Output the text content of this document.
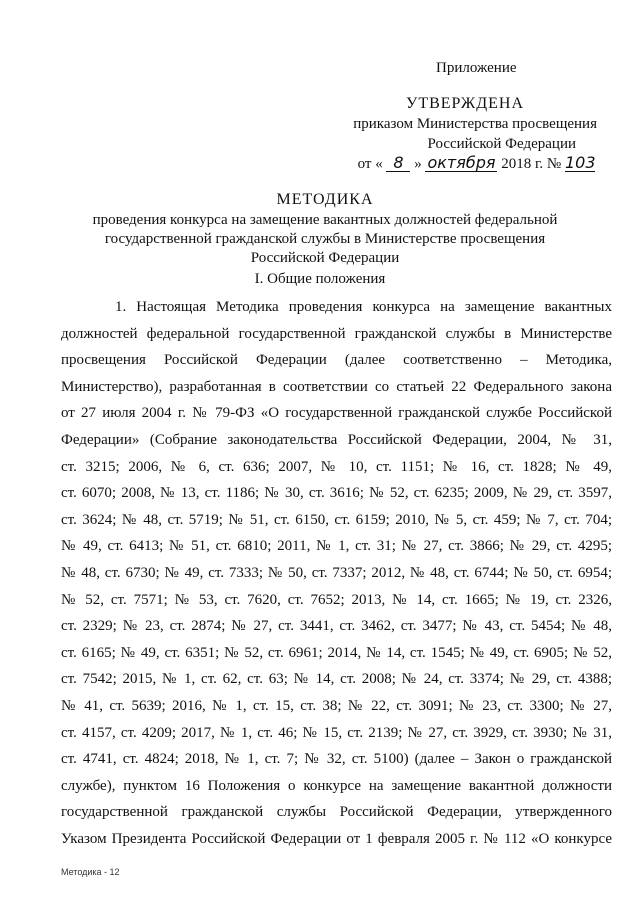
Приложение
УТВЕРЖДЕНА
приказом Министерства просвещения
Российской Федерации
от « 8 » октября 2018 г. № 103
МЕТОДИКА
проведения конкурса на замещение вакантных должностей федеральной
государственной гражданской службы в Министерстве просвещения
Российской Федерации
I. Общие положения
1. Настоящая Методика проведения конкурса на замещение вакантных
должностей федеральной государственной гражданской службы в Министерстве
просвещения Российской Федерации (далее соответственно – Методика,
Министерство), разработанная в соответствии со статьей 22 Федерального закона
от 27 июля 2004 г. № 79-ФЗ «О государственной гражданской службе Российской
Федерации» (Собрание законодательства Российской Федерации, 2004, № 31,
ст. 3215; 2006, № 6, ст. 636; 2007, № 10, ст. 1151; № 16, ст. 1828; № 49,
ст. 6070; 2008, № 13, ст. 1186; № 30, ст. 3616; № 52, ст. 6235; 2009, № 29, ст. 3597,
ст. 3624; № 48, ст. 5719; № 51, ст. 6150, ст. 6159; 2010, № 5, ст. 459; № 7, ст. 704;
№ 49, ст. 6413; № 51, ст. 6810; 2011, № 1, ст. 31; № 27, ст. 3866; № 29, ст. 4295;
№ 48, ст. 6730; № 49, ст. 7333; № 50, ст. 7337; 2012, № 48, ст. 6744; № 50, ст. 6954;
№ 52, ст. 7571; № 53, ст. 7620, ст. 7652; 2013, № 14, ст. 1665; № 19, ст. 2326,
ст. 2329; № 23, ст. 2874; № 27, ст. 3441, ст. 3462, ст. 3477; № 43, ст. 5454; № 48,
ст. 6165; № 49, ст. 6351; № 52, ст. 6961; 2014, № 14, ст. 1545; № 49, ст. 6905; № 52,
ст. 7542; 2015, № 1, ст. 62, ст. 63; № 14, ст. 2008; № 24, ст. 3374; № 29, ст. 4388;
№ 41, ст. 5639; 2016, № 1, ст. 15, ст. 38; № 22, ст. 3091; № 23, ст. 3300; № 27,
ст. 4157, ст. 4209; 2017, № 1, ст. 46; № 15, ст. 2139; № 27, ст. 3929, ст. 3930; № 31,
ст. 4741, ст. 4824; 2018, № 1, ст. 7; № 32, ст. 5100) (далее – Закон о гражданской
службе), пунктом 16 Положения о конкурсе на замещение вакантной должности
государственной гражданской службы Российской Федерации, утвержденного
Указом Президента Российской Федерации от 1 февраля 2005 г. № 112 «О конкурсе
Методика - 12
